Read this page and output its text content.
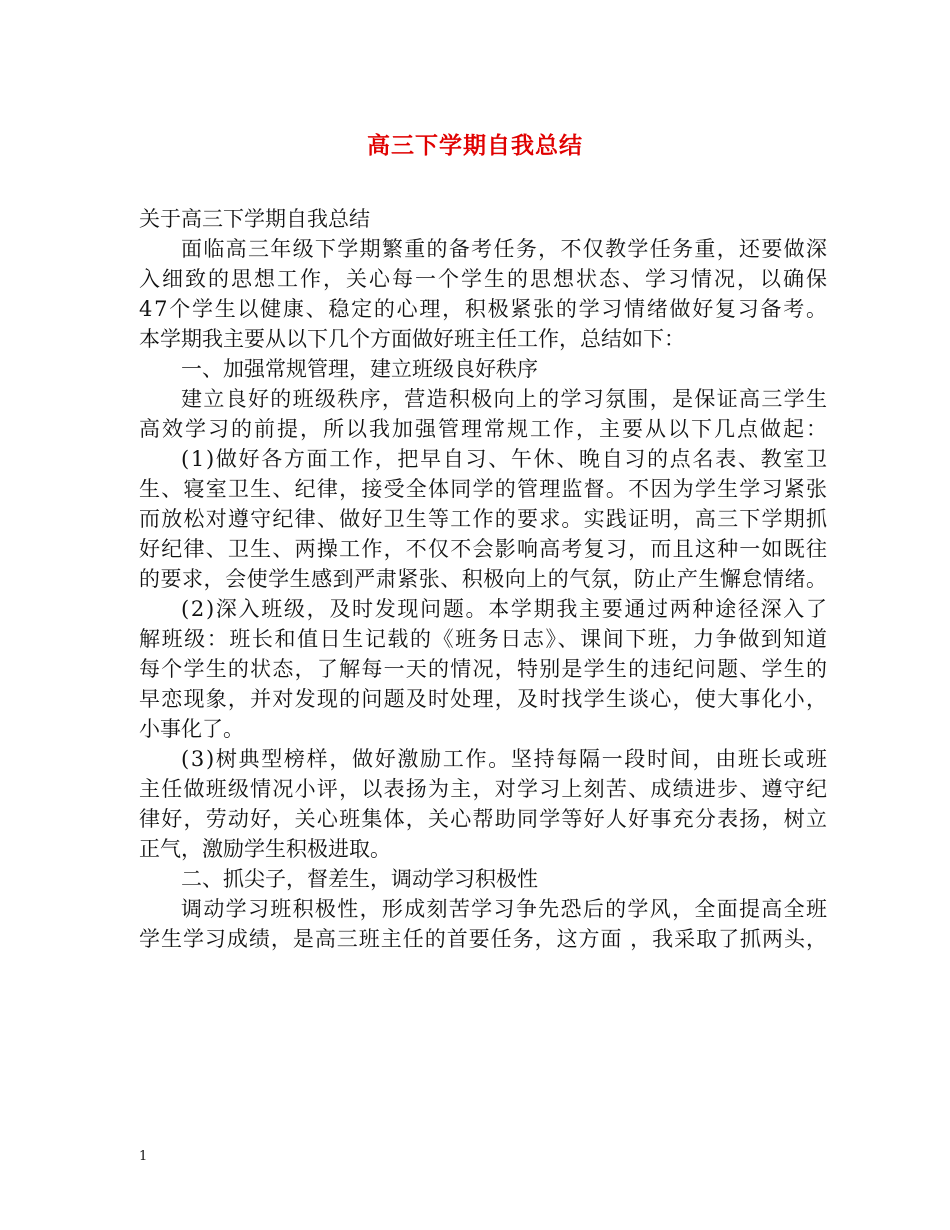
高三下学期自我总结
关于高三下学期自我总结
面临高三年级下学期繁重的备考任务，不仅教学任务重，还要做深
入细致的思想工作，关心每一个学生的思想状态、学习情况，以确保
47个学生以健康、稳定的心理，积极紧张的学习情绪做好复习备考。
本学期我主要从以下几个方面做好班主任工作，总结如下：
一、加强常规管理，建立班级良好秩序
建立良好的班级秩序，营造积极向上的学习氛围，是保证高三学生
高效学习的前提，所以我加强管理常规工作，主要从以下几点做起：
(1)做好各方面工作，把早自习、午休、晚自习的点名表、教室卫
生、寝室卫生、纪律，接受全体同学的管理监督。不因为学生学习紧张
而放松对遵守纪律、做好卫生等工作的要求。实践证明，高三下学期抓
好纪律、卫生、两操工作，不仅不会影响高考复习，而且这种一如既往
的要求，会使学生感到严肃紧张、积极向上的气氛，防止产生懈怠情绪。
(2)深入班级，及时发现问题。本学期我主要通过两种途径深入了
解班级：班长和值日生记载的《班务日志》、课间下班，力争做到知道
每个学生的状态，了解每一天的情况，特别是学生的违纪问题、学生的
早恋现象，并对发现的问题及时处理，及时找学生谈心，使大事化小，
小事化了。
(3)树典型榜样，做好激励工作。坚持每隔一段时间，由班长或班
主任做班级情况小评，以表扬为主，对学习上刻苦、成绩进步、遵守纪
律好，劳动好，关心班集体，关心帮助同学等好人好事充分表扬，树立
正气，激励学生积极进取。
二、抓尖子，督差生，调动学习积极性
调动学习班积极性，形成刻苦学习争先恐后的学风，全面提高全班
学生学习成绩，是高三班主任的首要任务，这方面 ，我采取了抓两头，
1
